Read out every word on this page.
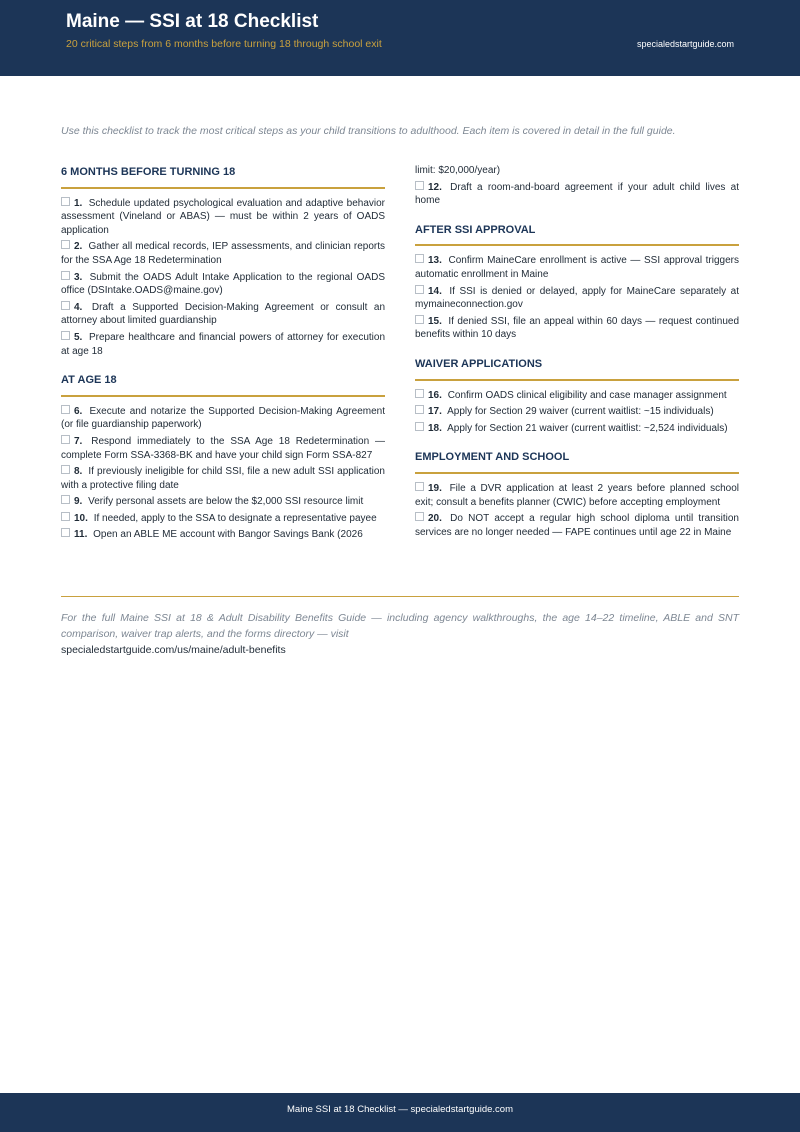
Maine — SSI at 18 Checklist
20 critical steps from 6 months before turning 18 through school exit	specialedstartguide.com
Use this checklist to track the most critical steps as your child transitions to adulthood. Each item is covered in detail in the full guide.
6 MONTHS BEFORE TURNING 18
1. Schedule updated psychological evaluation and adaptive behavior assessment (Vineland or ABAS) — must be within 2 years of OADS application
2. Gather all medical records, IEP assessments, and clinician reports for the SSA Age 18 Redetermination
3. Submit the OADS Adult Intake Application to the regional OADS office (DSIntake.OADS@maine.gov)
4. Draft a Supported Decision-Making Agreement or consult an attorney about limited guardianship
5. Prepare healthcare and financial powers of attorney for execution at age 18
AT AGE 18
6. Execute and notarize the Supported Decision-Making Agreement (or file guardianship paperwork)
7. Respond immediately to the SSA Age 18 Redetermination — complete Form SSA-3368-BK and have your child sign Form SSA-827
8. If previously ineligible for child SSI, file a new adult SSI application with a protective filing date
9. Verify personal assets are below the $2,000 SSI resource limit
10. If needed, apply to the SSA to designate a representative payee
11. Open an ABLE ME account with Bangor Savings Bank (2026
limit: $20,000/year)
12. Draft a room-and-board agreement if your adult child lives at home
AFTER SSI APPROVAL
13. Confirm MaineCare enrollment is active — SSI approval triggers automatic enrollment in Maine
14. If SSI is denied or delayed, apply for MaineCare separately at mymaineconnection.gov
15. If denied SSI, file an appeal within 60 days — request continued benefits within 10 days
WAIVER APPLICATIONS
16. Confirm OADS clinical eligibility and case manager assignment
17. Apply for Section 29 waiver (current waitlist: ~15 individuals)
18. Apply for Section 21 waiver (current waitlist: ~2,524 individuals)
EMPLOYMENT AND SCHOOL
19. File a DVR application at least 2 years before planned school exit; consult a benefits planner (CWIC) before accepting employment
20. Do NOT accept a regular high school diploma until transition services are no longer needed — FAPE continues until age 22 in Maine
For the full Maine SSI at 18 & Adult Disability Benefits Guide — including agency walkthroughs, the age 14–22 timeline, ABLE and SNT comparison, waiver trap alerts, and the forms directory — visit
specialedstartguide.com/us/maine/adult-benefits
Maine SSI at 18 Checklist — specialedstartguide.com
